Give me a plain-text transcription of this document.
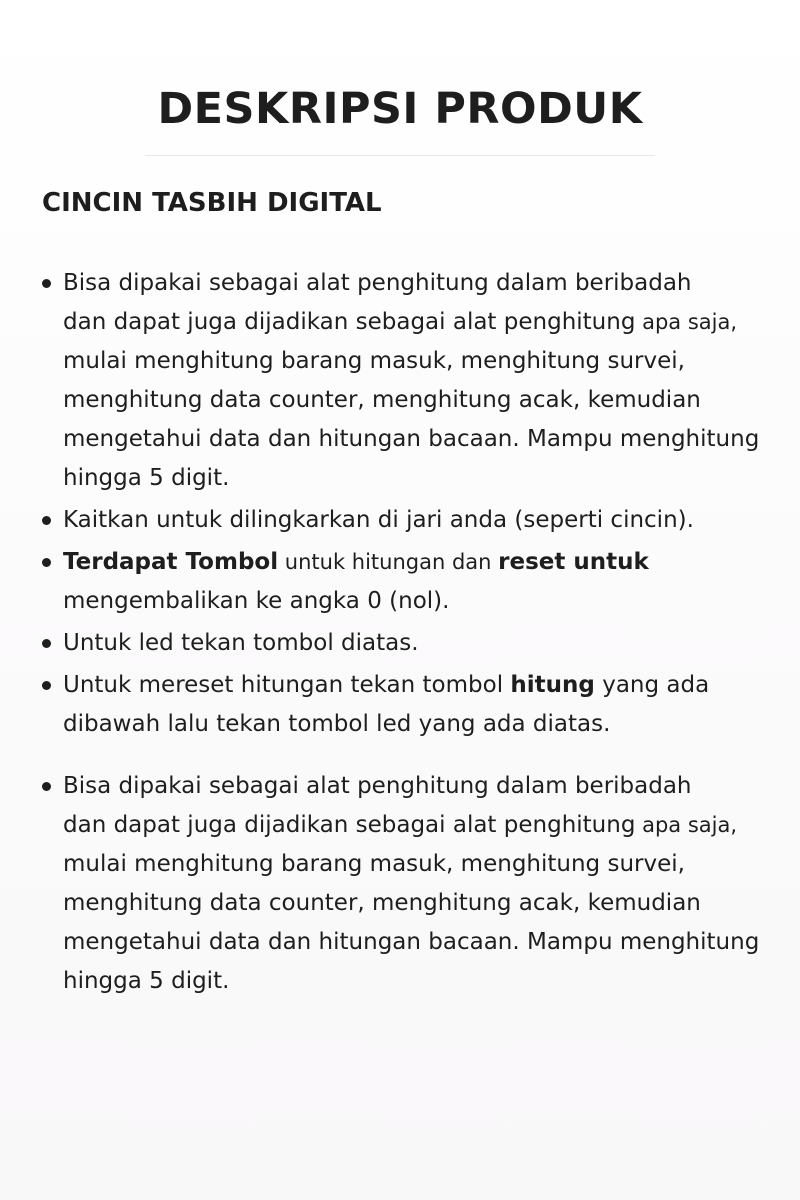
DESKRIPSI PRODUK
CINCIN TASBIH DIGITAL
Bisa dipakai sebagai alat penghitung dalam beribadah
dan dapat juga dijadikan sebagai alat penghitung apa saja,
mulai menghitung barang masuk, menghitung survei,
menghitung data counter, menghitung acak, kemudian
mengetahui data dan hitungan bacaan. Mampu menghitung
hingga 5 digit.
Kaitkan untuk dilingkarkan di jari anda (seperti cincin).
Terdapat Tombol untuk hitungan dan reset untuk
mengembalikan ke angka 0 (nol).
Untuk led tekan tombol diatas.
Untuk mereset hitungan tekan tombol hitung yang ada
dibawah lalu tekan tombol led yang ada diatas.
Bisa dipakai sebagai alat penghitung dalam beribadah
dan dapat juga dijadikan sebagai alat penghitung apa saja,
mulai menghitung barang masuk, menghitung survei,
menghitung data counter, menghitung acak, kemudian
mengetahui data dan hitungan bacaan. Mampu menghitung
hingga 5 digit.
